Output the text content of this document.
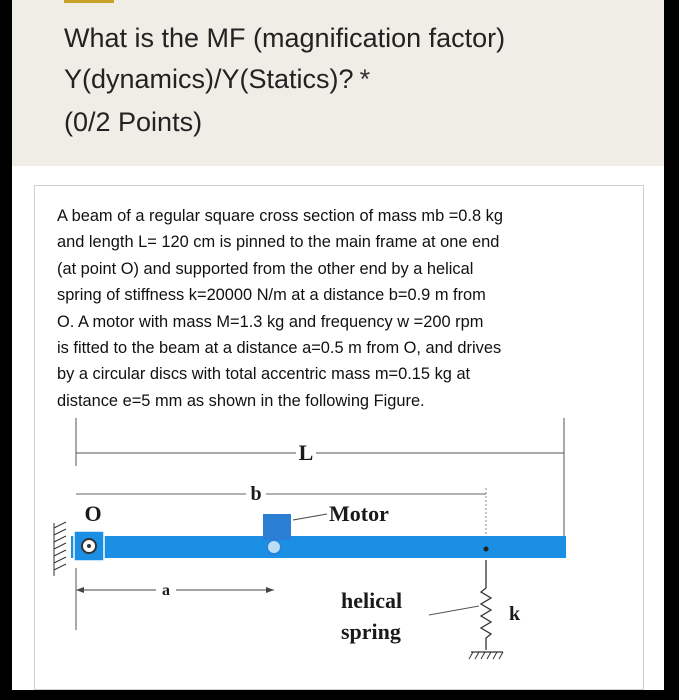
What is the MF (magnification factor)
Y(dynamics)/Y(Statics)? *
(0/2 Points)
A beam of a regular square cross section of mass mb =0.8 kg
and length L= 120 cm is pinned to the main frame at one end
(at point O) and supported from the other end by a helical
spring of stiffness k=20000 N/m at a distance b=0.9 m from
O. A motor with mass M=1.3 kg and frequency w =200 rpm
is fitted to the beam at a distance a=0.5 m from O, and drives
by a circular discs with total accentric mass m=0.15 kg at
distance e=5 mm as shown in the following Figure.
L
b
O	Motor
a	helical
spring
k
